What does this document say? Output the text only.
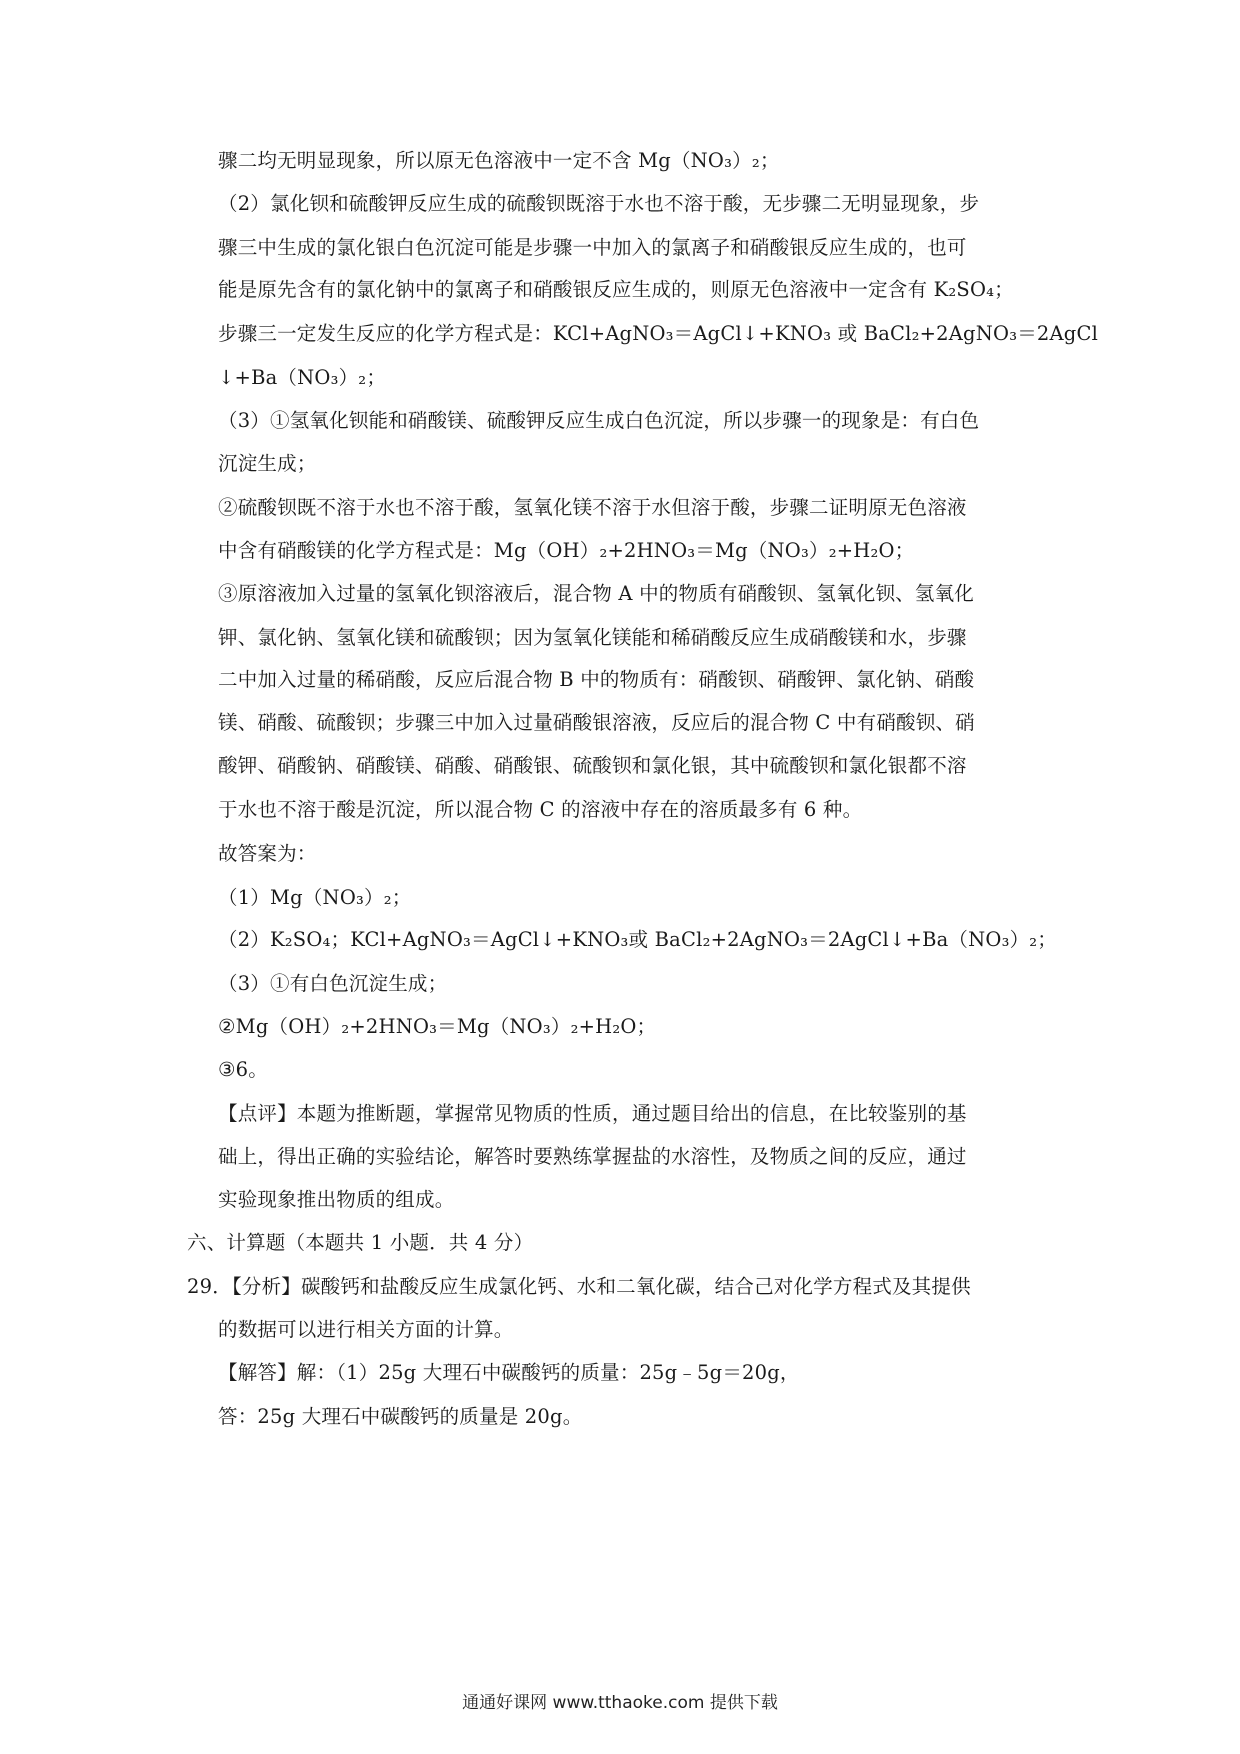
骤二均无明显现象，所以原无色溶液中一定不含 Mg（NO₃）₂；
（2）氯化钡和硫酸钾反应生成的硫酸钡既溶于水也不溶于酸，无步骤二无明显现象，步
骤三中生成的氯化银白色沉淀可能是步骤一中加入的氯离子和硝酸银反应生成的，也可
能是原先含有的氯化钠中的氯离子和硝酸银反应生成的，则原无色溶液中一定含有 K₂SO₄；
步骤三一定发生反应的化学方程式是：KCl+AgNO₃＝AgCl↓+KNO₃ 或 BaCl₂+2AgNO₃＝2AgCl
↓+Ba（NO₃）₂；
（3）①氢氧化钡能和硝酸镁、硫酸钾反应生成白色沉淀，所以步骤一的现象是：有白色
沉淀生成；
②硫酸钡既不溶于水也不溶于酸，氢氧化镁不溶于水但溶于酸，步骤二证明原无色溶液
中含有硝酸镁的化学方程式是：Mg（OH）₂+2HNO₃＝Mg（NO₃）₂+H₂O；
③原溶液加入过量的氢氧化钡溶液后，混合物 A 中的物质有硝酸钡、氢氧化钡、氢氧化
钾、氯化钠、氢氧化镁和硫酸钡；因为氢氧化镁能和稀硝酸反应生成硝酸镁和水，步骤
二中加入过量的稀硝酸，反应后混合物 B 中的物质有：硝酸钡、硝酸钾、氯化钠、硝酸
镁、硝酸、硫酸钡；步骤三中加入过量硝酸银溶液，反应后的混合物 C 中有硝酸钡、硝
酸钾、硝酸钠、硝酸镁、硝酸、硝酸银、硫酸钡和氯化银，其中硫酸钡和氯化银都不溶
于水也不溶于酸是沉淀，所以混合物 C 的溶液中存在的溶质最多有 6 种。
故答案为：
（1）Mg（NO₃）₂；
（2）K₂SO₄；KCl+AgNO₃＝AgCl↓+KNO₃或 BaCl₂+2AgNO₃＝2AgCl↓+Ba（NO₃）₂；
（3）①有白色沉淀生成；
②Mg（OH）₂+2HNO₃＝Mg（NO₃）₂+H₂O；
③6。
【点评】本题为推断题，掌握常见物质的性质，通过题目给出的信息，在比较鉴别的基
础上，得出正确的实验结论，解答时要熟练掌握盐的水溶性，及物质之间的反应，通过
实验现象推出物质的组成。
六、计算题（本题共 1 小题．共 4 分）
29．【分析】碳酸钙和盐酸反应生成氯化钙、水和二氧化碳，结合己对化学方程式及其提供
的数据可以进行相关方面的计算。
【解答】解：（1）25g 大理石中碳酸钙的质量：25g﹣5g＝20g，
答：25g 大理石中碳酸钙的质量是 20g。
通通好课网 www.tthaoke.com 提供下载
